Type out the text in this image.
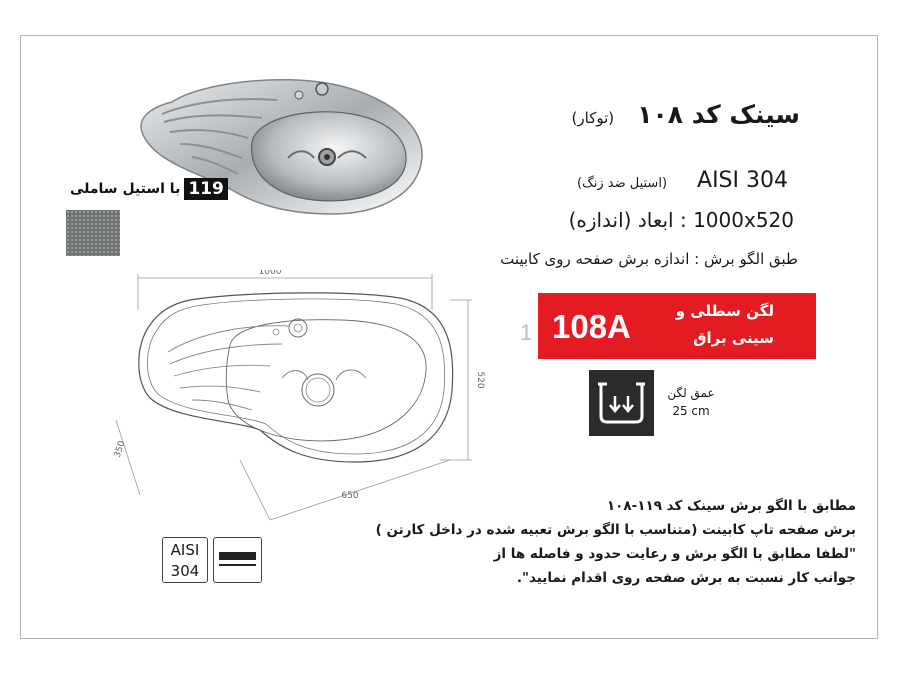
119
با استیل ساملی
سینک کد ۱۰۸ (توکار)
(استیل ضد زنگ) AISI 304
1000x520 : ابعاد (اندازه)
طبق الگو برش : اندازه برش صفحه روی کابینت
1 108A	لگن سطلی و
سینی براق
عمق لگن
25 cm
1000
520
350
650

مطابق با الگو برش سینک کد ۱۱۹-۱۰۸

برش صفحه تاپ کابینت (متناسب با الگو برش تعبیه شده در داخل کارتن )

"لطفا مطابق با الگو برش و رعایت حدود و فاصله ها از

جوانب کار نسبت به برش صفحه روی اقدام نمایید".

AISI
304
